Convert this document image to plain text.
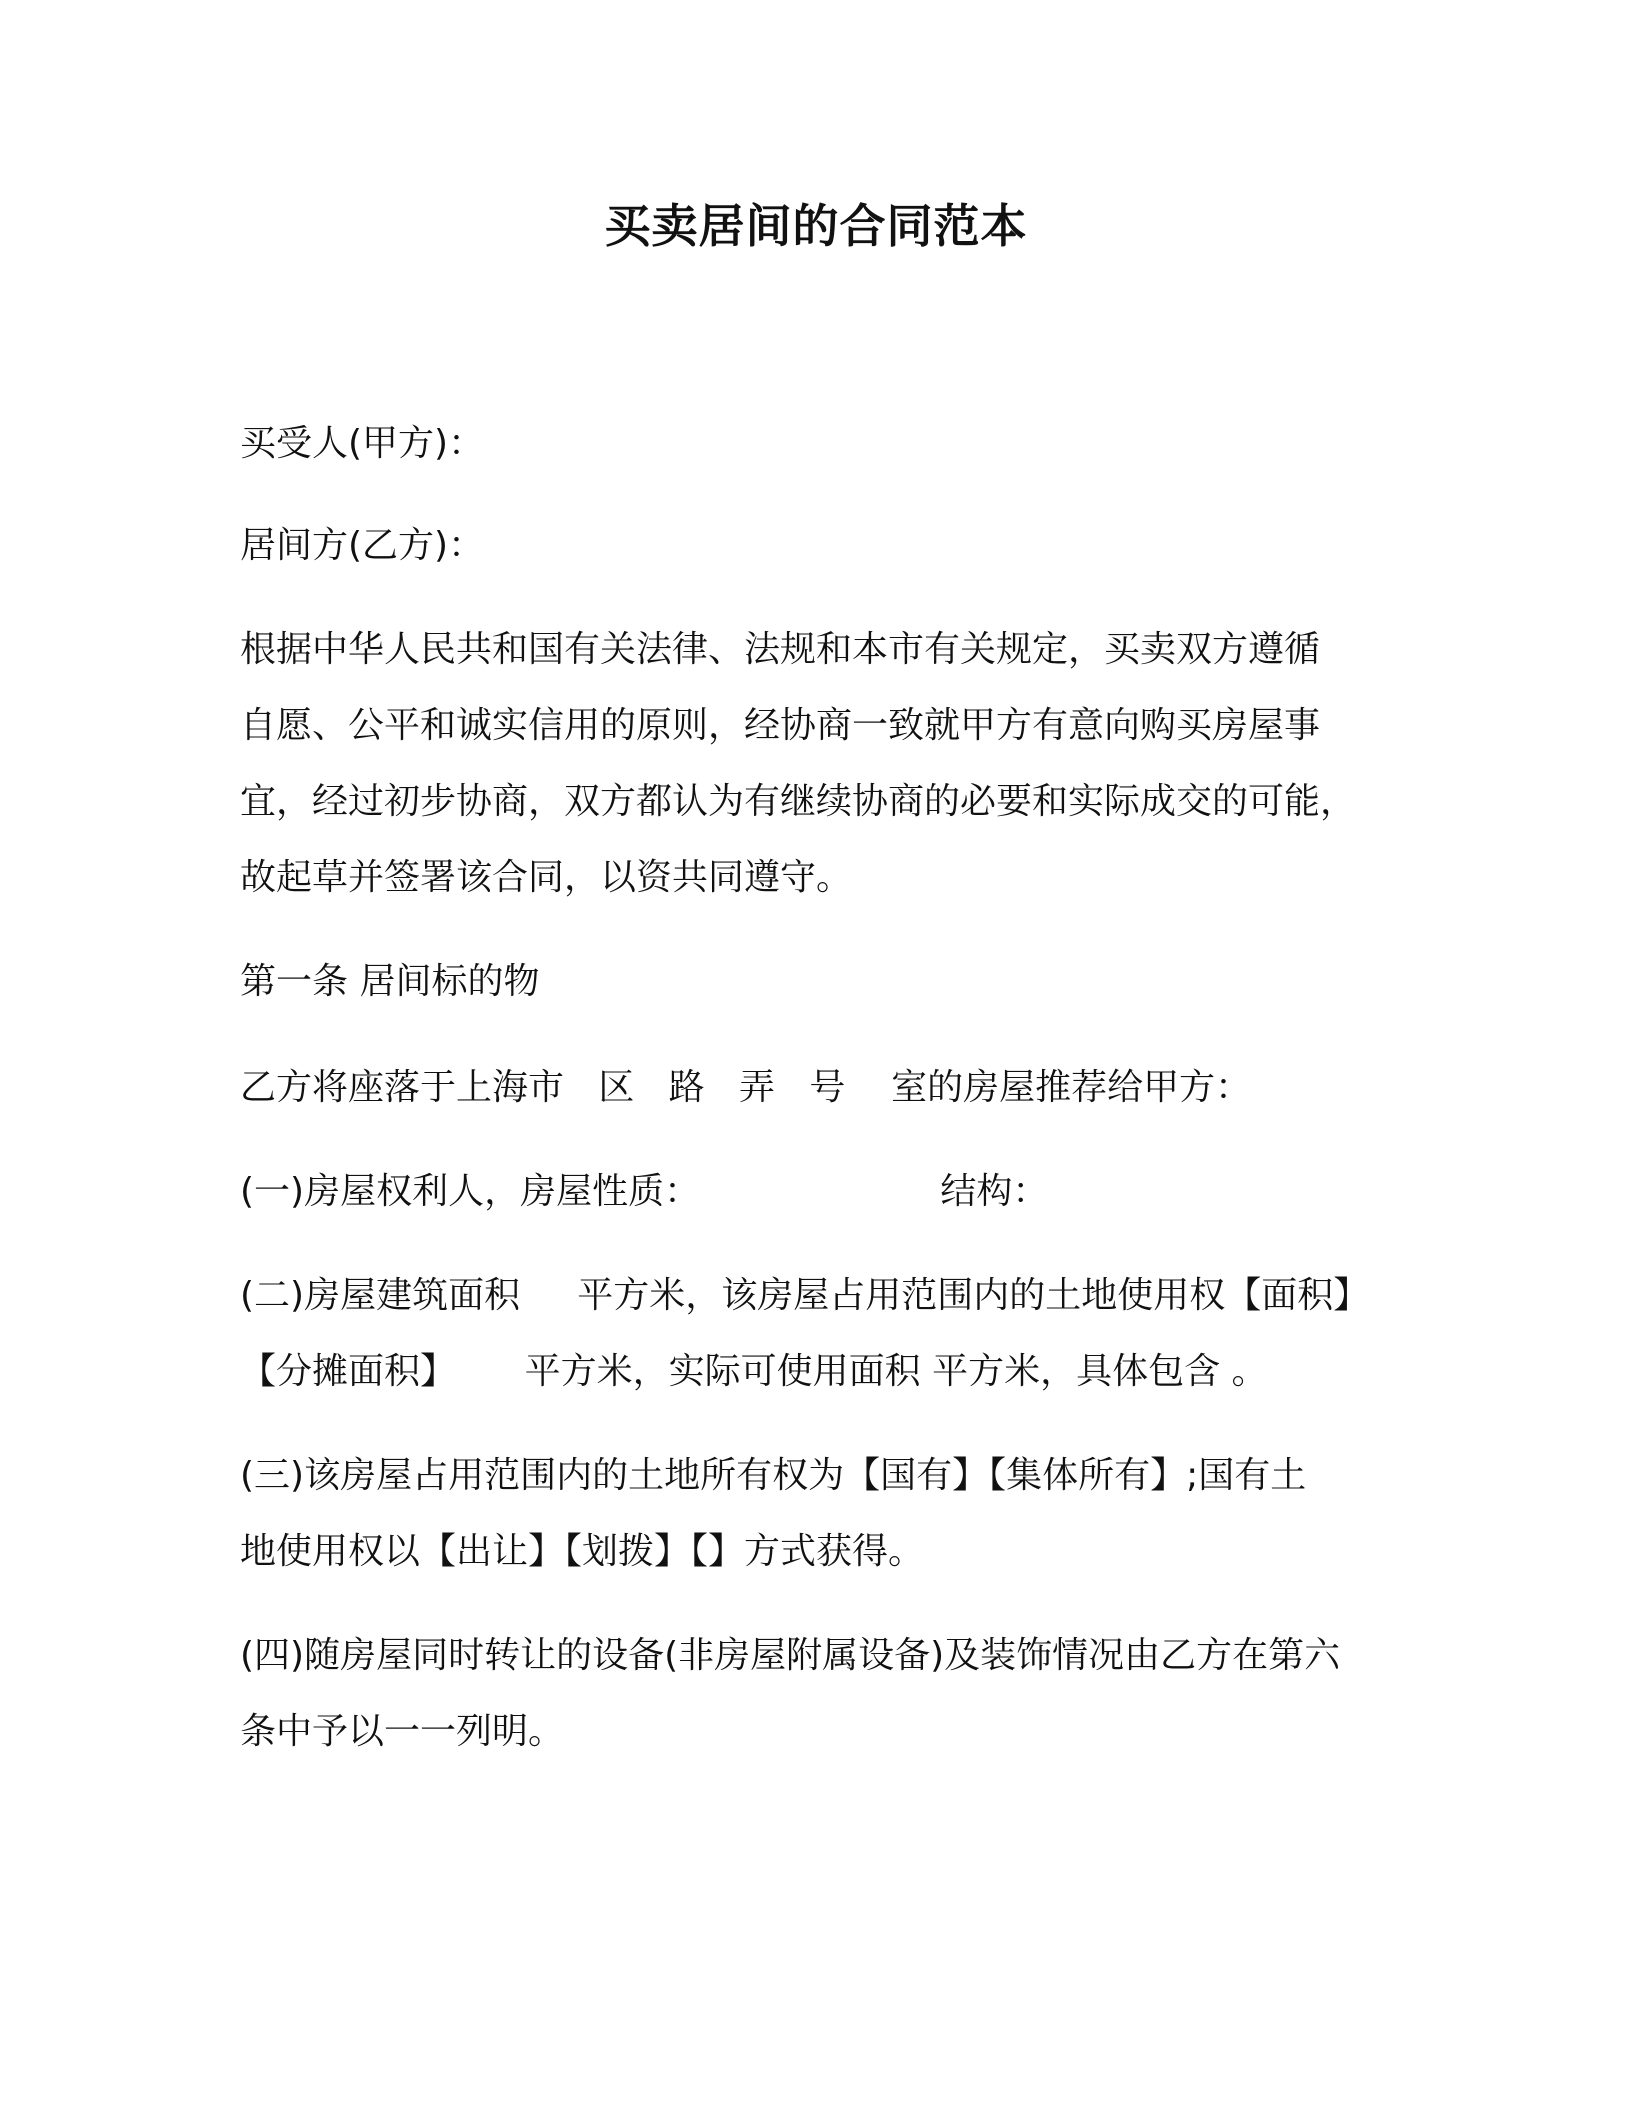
买卖居间的合同范本
买受人(甲方)：
居间方(乙方)：
根据中华人民共和国有关法律、法规和本市有关规定，买卖双方遵循
自愿、公平和诚实信用的原则，经协商一致就甲方有意向购买房屋事
宜，经过初步协商，双方都认为有继续协商的必要和实际成交的可能，
故起草并签署该合同，以资共同遵守。
第一条 居间标的物
乙方将座落于上海市   区   路   弄   号    室的房屋推荐给甲方：
(一)房屋权利人，房屋性质：                     结构：
(二)房屋建筑面积     平方米，该房屋占用范围内的土地使用权【面积】
【分摊面积】      平方米，实际可使用面积 平方米，具体包含 。
(三)该房屋占用范围内的土地所有权为【国有】【集体所有】;国有土
地使用权以【出让】【划拨】【】方式获得。
(四)随房屋同时转让的设备(非房屋附属设备)及装饰情况由乙方在第六
条中予以一一列明。
